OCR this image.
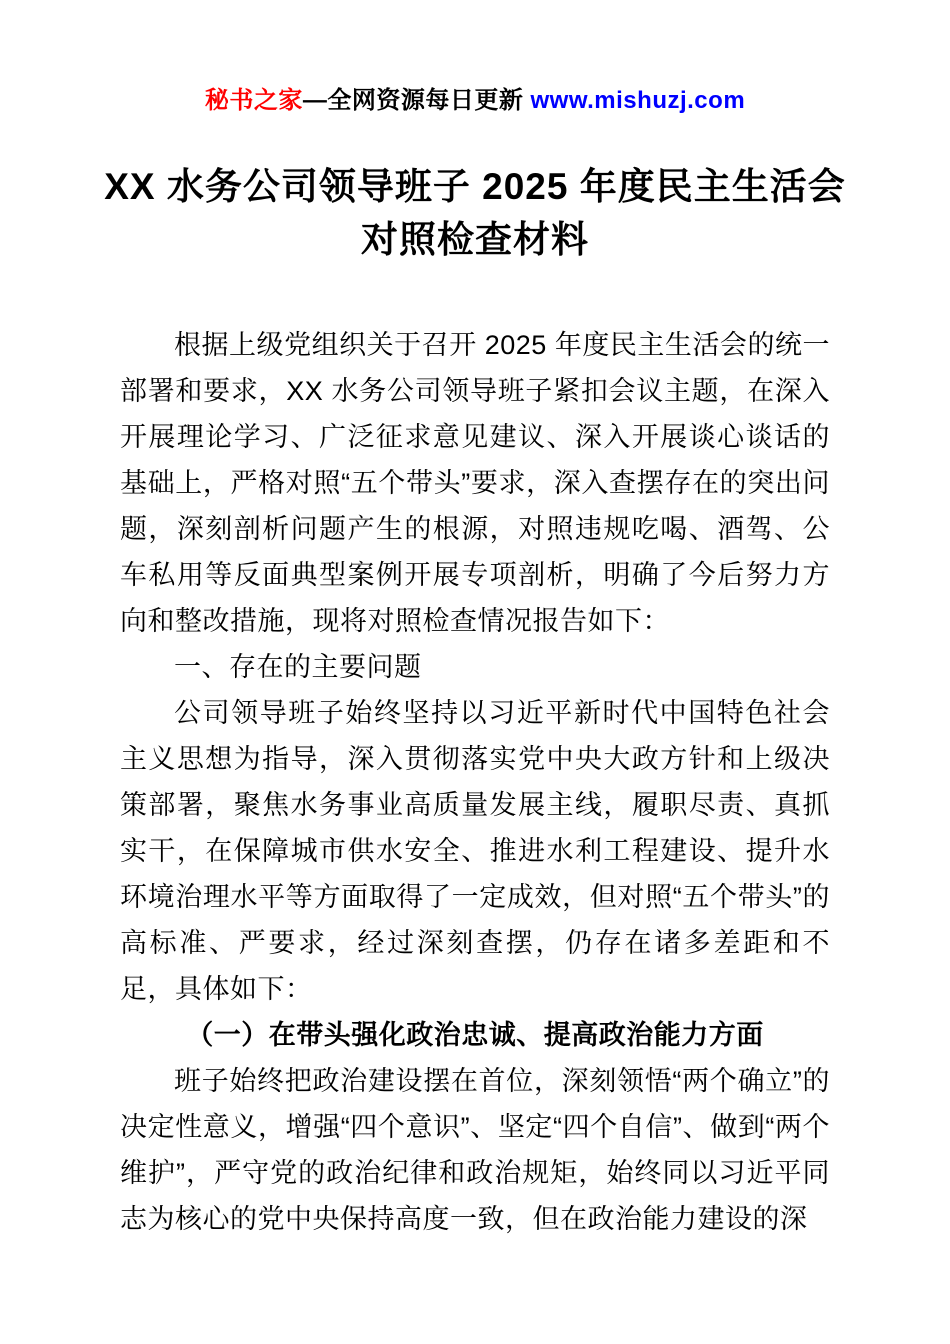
秘书之家—全网资源每日更新 www.mishuzj.com
XX 水务公司领导班子 2025 年度民主生活会
对照检查材料

根据上级党组织关于召开 2025 年度民主生活会的统一部署和要求，XX 水务公司领导班子紧扣会议主题，在深入开展理论学习、广泛征求意见建议、深入开展谈心谈话的基础上，严格对照“五个带头”要求，深入查摆存在的突出问题，深刻剖析问题产生的根源，对照违规吃喝、酒驾、公车私用等反面典型案例开展专项剖析，明确了今后努力方向和整改措施，现将对照检查情况报告如下：

一、存在的主要问题

公司领导班子始终坚持以习近平新时代中国特色社会主义思想为指导，深入贯彻落实党中央大政方针和上级决策部署，聚焦水务事业高质量发展主线，履职尽责、真抓实干，在保障城市供水安全、推进水利工程建设、提升水环境治理水平等方面取得了一定成效，但对照“五个带头”的高标准、严要求，经过深刻查摆，仍存在诸多差距和不足，具体如下：

（一）在带头强化政治忠诚、提高政治能力方面

班子始终把政治建设摆在首位，深刻领悟“两个确立”的决定性意义，增强“四个意识”、坚定“四个自信”、做到“两个维护”，严守党的政治纪律和政治规矩，始终同以习近平同志为核心的党中央保持高度一致，但在政治能力建设的深
